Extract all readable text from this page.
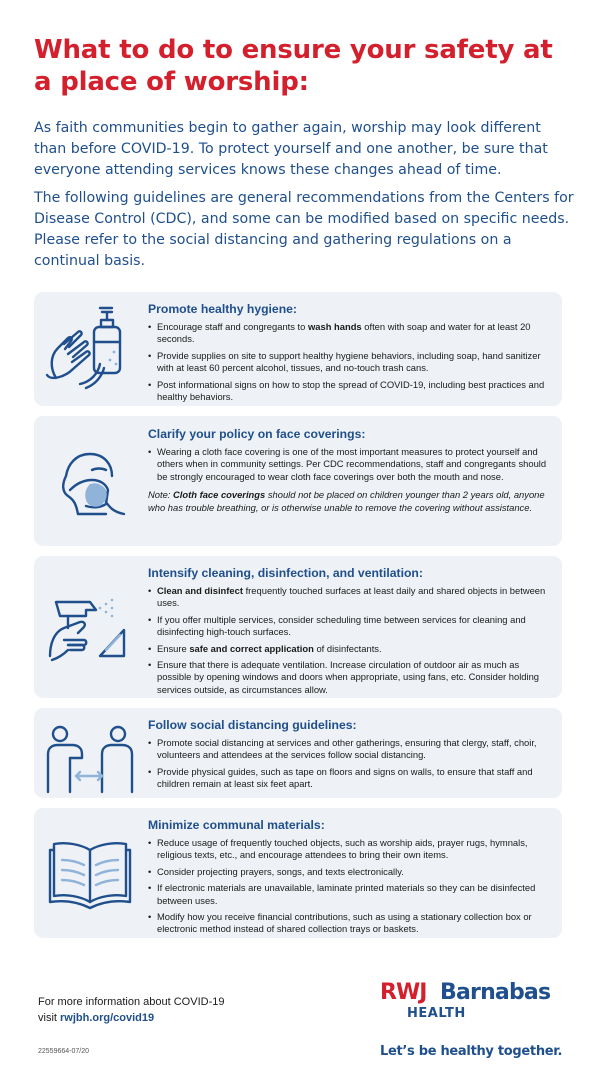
What to do to ensure your safety at a place of worship:

As faith communities begin to gather again, worship may look different than before COVID-19. To protect yourself and one another, be sure that everyone attending services knows these changes ahead of time.

The following guidelines are general recommendations from the Centers for Disease Control (CDC), and some can be modified based on specific needs. Please refer to the social distancing and gathering regulations on a continual basis.

Promote healthy hygiene:
• Encourage staff and congregants to wash hands often with soap and water for at least 20 seconds.
• Provide supplies on site to support healthy hygiene behaviors, including soap, hand sanitizer with at least 60 percent alcohol, tissues, and no-touch trash cans.
• Post informational signs on how to stop the spread of COVID-19, including best practices and healthy behaviors.
Clarify your policy on face coverings:
• Wearing a cloth face covering is one of the most important measures to protect yourself and others when in community settings. Per CDC recommendations, staff and congregants should be strongly encouraged to wear cloth face coverings over both the mouth and nose.

Note: Cloth face coverings should not be placed on children younger than 2 years old, anyone who has trouble breathing, or is otherwise unable to remove the covering without assistance.

Intensify cleaning, disinfection, and ventilation:
• Clean and disinfect frequently touched surfaces at least daily and shared objects in between uses.
• If you offer multiple services, consider scheduling time between services for cleaning and disinfecting high-touch surfaces.
• Ensure safe and correct application of disinfectants.
• Ensure that there is adequate ventilation. Increase circulation of outdoor air as much as possible by opening windows and doors when appropriate, using fans, etc. Consider holding services outside, as circumstances allow.
Follow social distancing guidelines:
• Promote social distancing at services and other gatherings, ensuring that clergy, staff, choir, volunteers and attendees at the services follow social distancing.
• Provide physical guides, such as tape on floors and signs on walls, to ensure that staff and children remain at least six feet apart.
Minimize communal materials:
• Reduce usage of frequently touched objects, such as worship aids, prayer rugs, hymnals, religious texts, etc., and encourage attendees to bring their own items.
• Consider projecting prayers, songs, and texts electronically.
• If electronic materials are unavailable, laminate printed materials so they can be disinfected between uses.
• Modify how you receive financial contributions, such as using a stationary collection box or electronic method instead of shared collection trays or baskets.
For more information about COVID-19
visit rwjbh.org/covid19
22559664-07/20
RWJ Barnabas
HEALTH
Let’s be healthy together.
